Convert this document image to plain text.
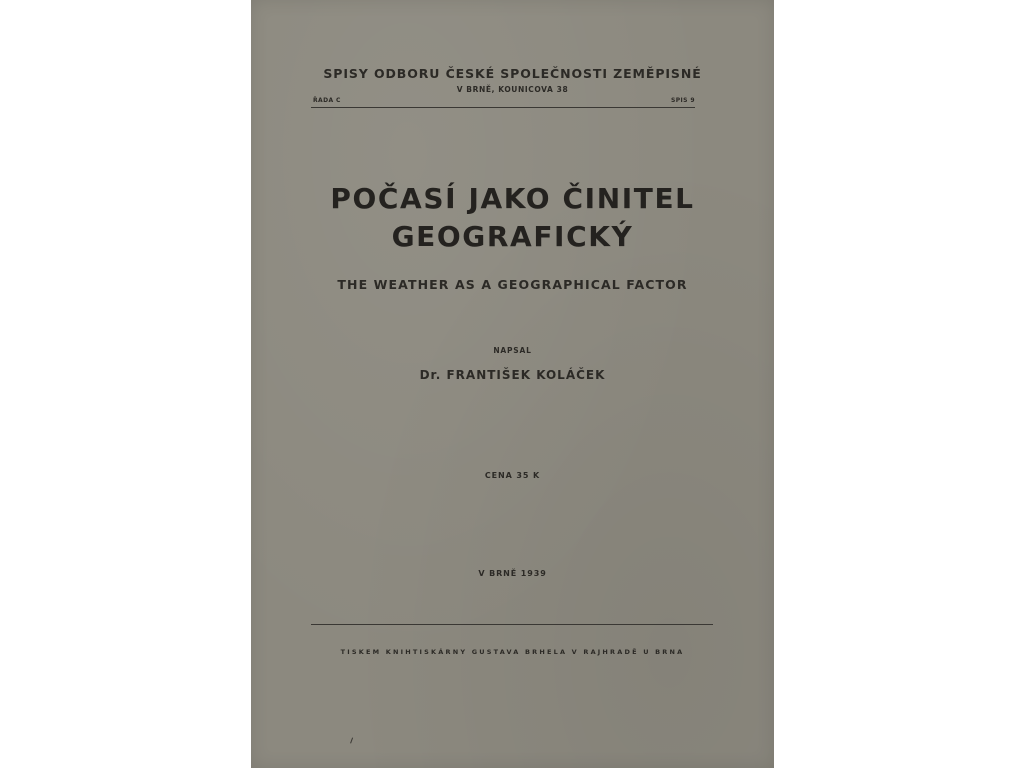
SPISY ODBORU ČESKÉ SPOLEČNOSTI ZEMĚPISNÉ
V BRNĚ, KOUNICOVA 38
ŘADA C	SPIS 9
POČASÍ JAKO ČINITEL
GEOGRAFICKÝ
THE WEATHER AS A GEOGRAPHICAL FACTOR
NAPSAL
Dr. FRANTIŠEK KOLÁČEK
CENA 35 K
V BRNĚ 1939
TISKEM KNIHTISKÁRNY GUSTAVA BRHELA V RAJHRADĚ U BRNA
